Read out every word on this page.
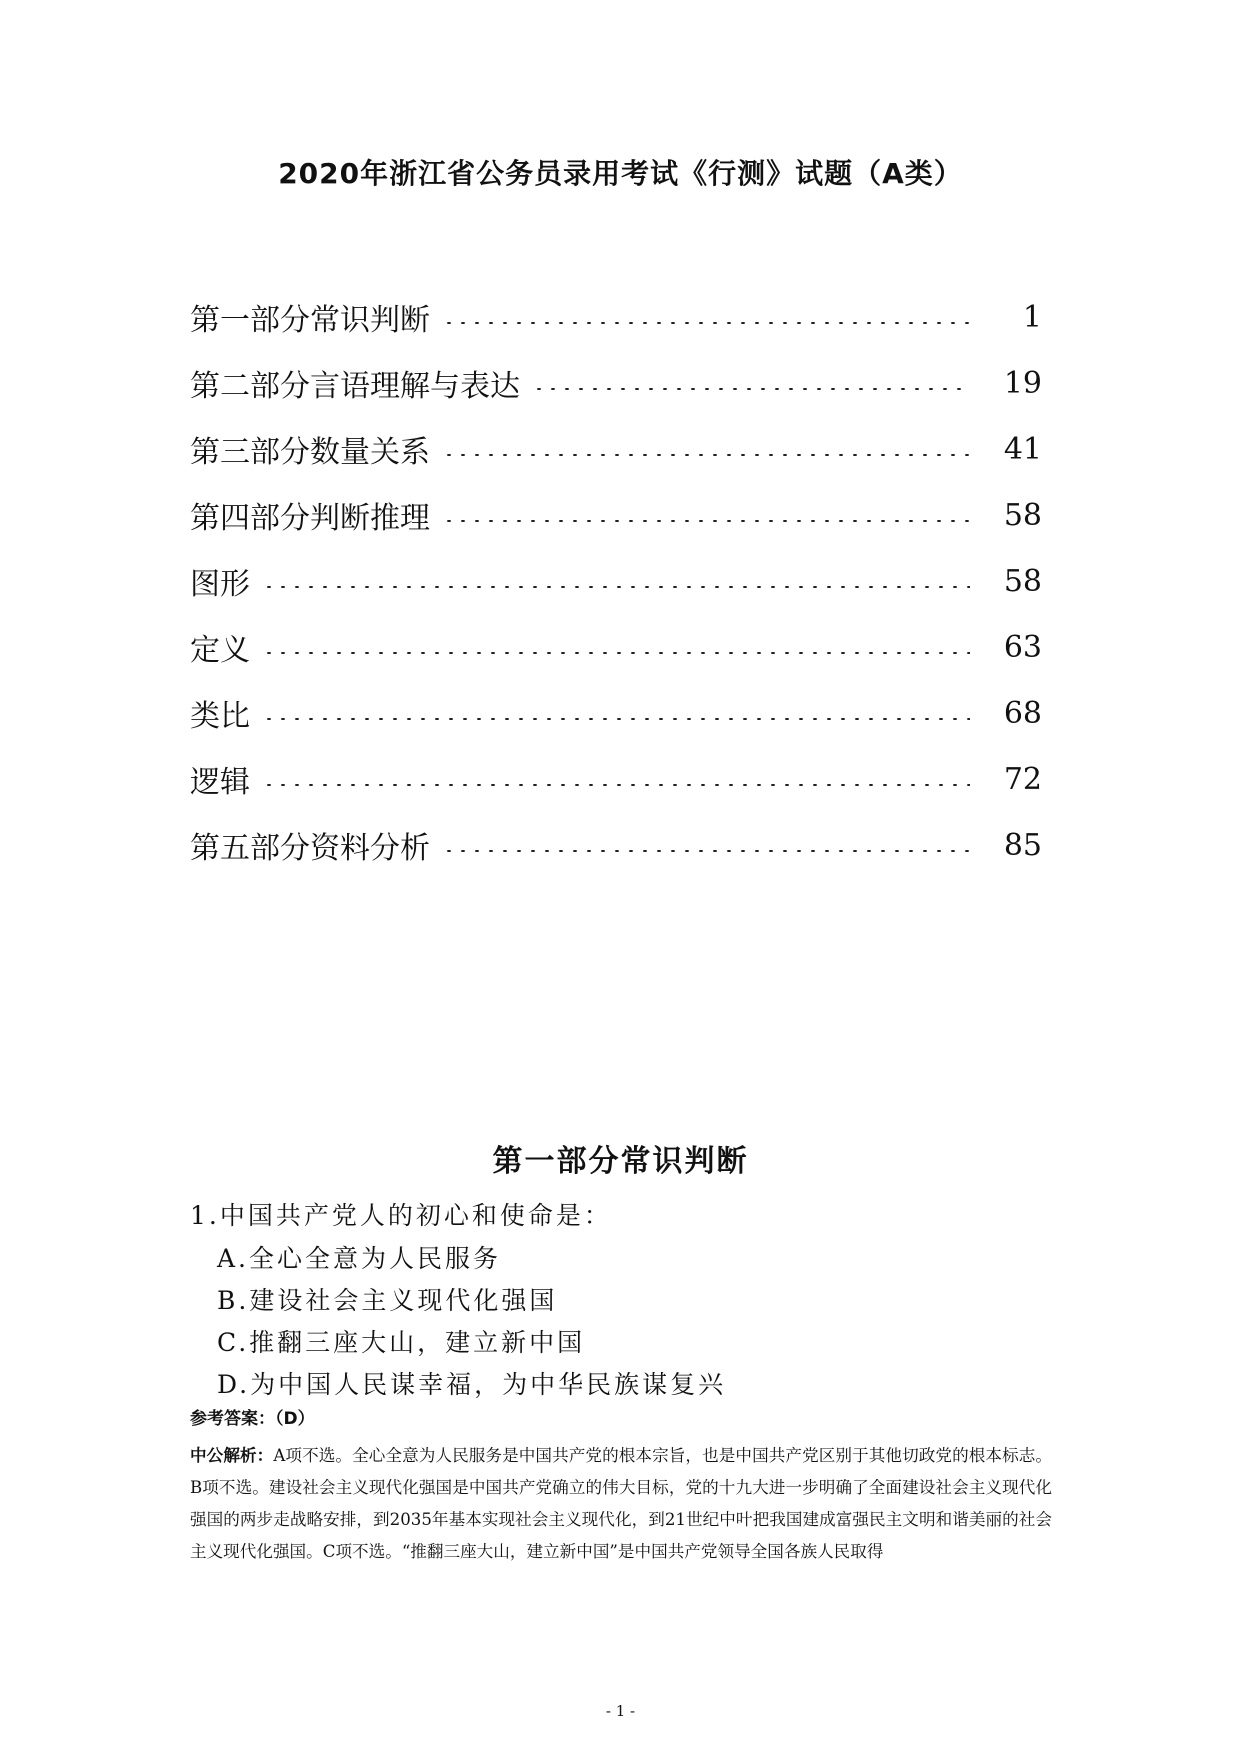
2020年浙江省公务员录用考试《行测》试题（A类）
第一部分常识判断	1
第二部分言语理解与表达	19
第三部分数量关系	41
第四部分判断推理	58
图形	58
定义	63
类比	68
逻辑	72
第五部分资料分析	85
第一部分常识判断

1.中国共产党人的初心和使命是：

A.全心全意为人民服务
B.建设社会主义现代化强国
C.推翻三座大山，建立新中国
D.为中国人民谋幸福，为中华民族谋复兴

参考答案：（D）

中公解析：A项不选。全心全意为人民服务是中国共产党的根本宗旨，也是中国共产党区别于其他切政党的根本标志。B项不选。建设社会主义现代化强国是中国共产党确立的伟大目标，党的十九大进一步明确了全面建设社会主义现代化强国的两步走战略安排，到2035年基本实现社会主义现代化，到21世纪中叶把我国建成富强民主文明和谐美丽的社会主义现代化强国。C项不选。“推翻三座大山，建立新中国”是中国共产党领导全国各族人民取得

- 1 -
